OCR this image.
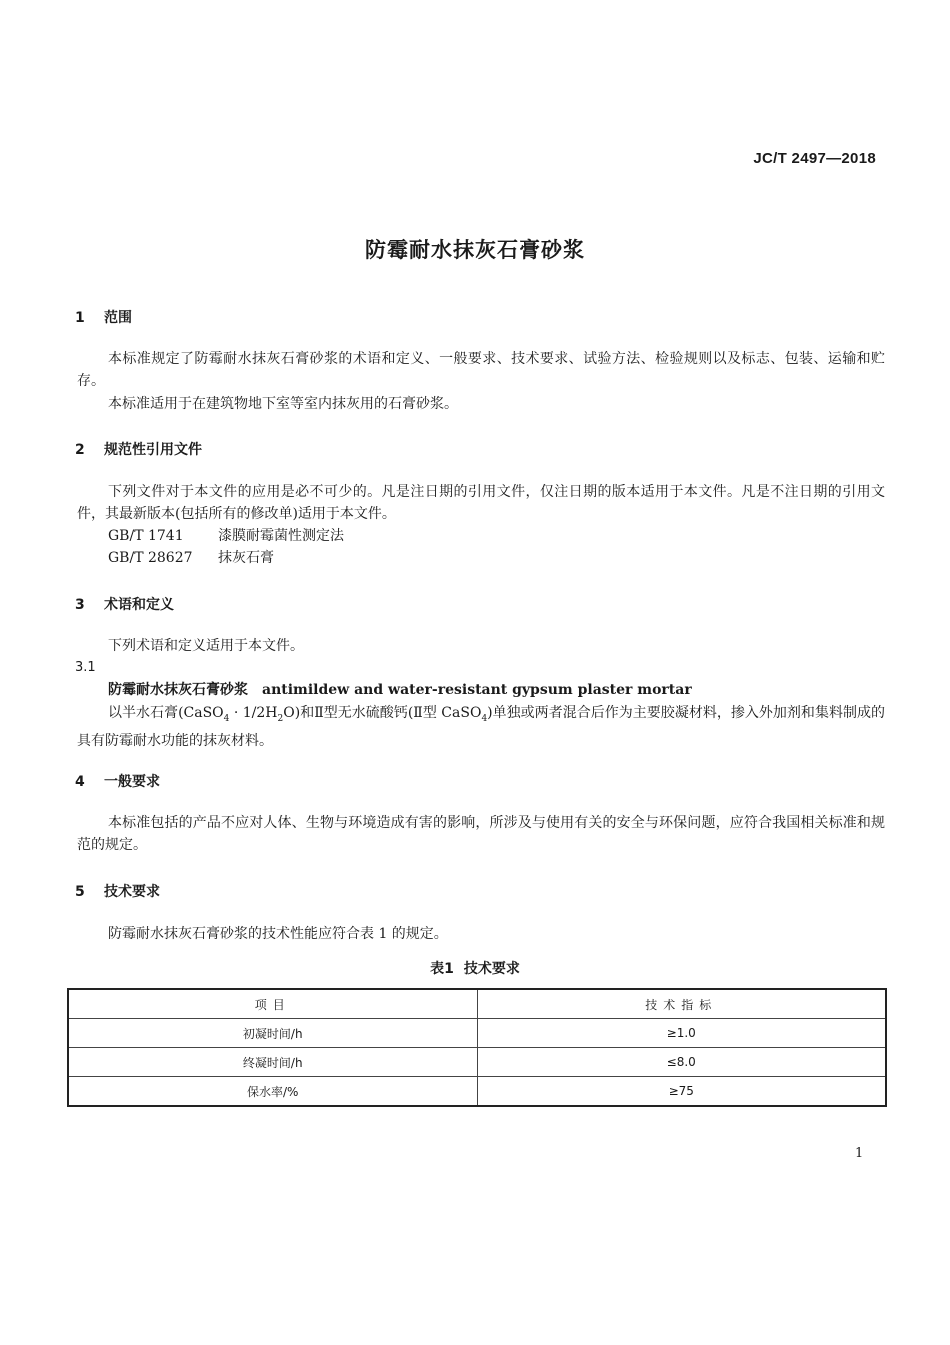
JC/T 2497—2018
防霉耐水抹灰石膏砂浆
1 范围
本标准规定了防霉耐水抹灰石膏砂浆的术语和定义、一般要求、技术要求、试验方法、检验规则以及标志、包装、运输和贮存。
本标准适用于在建筑物地下室等室内抹灰用的石膏砂浆。
2 规范性引用文件
下列文件对于本文件的应用是必不可少的。凡是注日期的引用文件，仅注日期的版本适用于本文件。凡是不注日期的引用文件，其最新版本(包括所有的修改单)适用于本文件。
GB/T 1741 漆膜耐霉菌性测定法
GB/T 28627 抹灰石膏
3 术语和定义
下列术语和定义适用于本文件。
3.1
防霉耐水抹灰石膏砂浆 antimildew and water-resistant gypsum plaster mortar
以半水石膏(CaSO$_4$ · $1/2H_2O$)和Ⅱ型无水硫酸钙(Ⅱ型 CaSO$_4$)单独或两者混合后作为主要胶凝材料，掺入外加剂和集料制成的具有防霉耐水功能的抹灰材料。
4 一般要求
本标准包括的产品不应对人体、生物与环境造成有害的影响，所涉及与使用有关的安全与环保问题，应符合我国相关标准和规范的规定。
5 技术要求
防霉耐水抹灰石膏砂浆的技术性能应符合表 1 的规定。
表1 技术要求
项目	技术指标
初凝时间/h	≥1.0
终凝时间/h	≤8.0
保水率/%	≥75
1
